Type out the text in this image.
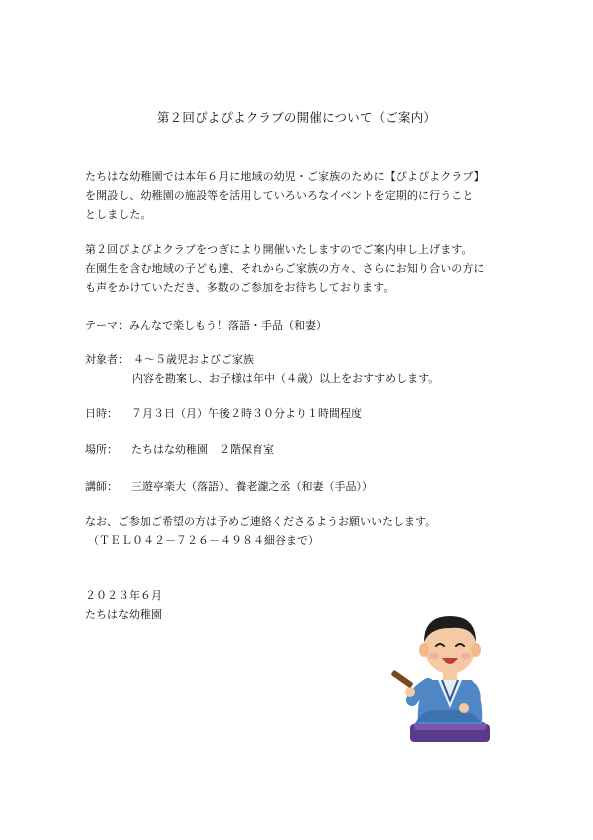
第２回ぴよぴよクラブの開催について（ご案内）
たちはな幼稚園では本年６月に地域の幼児・ご家族のために【ぴよぴよクラブ】
を開設し、幼稚園の施設等を活用していろいろなイベントを定期的に行うこと
としました。
第２回ぴよぴよクラブをつぎにより開催いたしますのでご案内申し上げます。
在園生を含む地域の子ども達、それからご家族の方々、さらにお知り合いの方に
も声をかけていただき、多数のご参加をお待ちしております。
テーマ：みんなで楽しもう！落語・手品（和妻）
対象者： ４～５歳児およびご家族
内容を勘案し、お子様は年中（４歳）以上をおすすめします。
日時： ７月３日（月）午後２時３０分より１時間程度
場所： たちはな幼稚園　２階保育室
講師： 三遊亭楽大（落語）、養老瀧之丞（和妻（手品））
なお、ご参加ご希望の方は予めご連絡くださるようお願いいたします。
（ＴＥＬ０４２－７２６－４９８４細谷まで）
２０２３年６月
たちはな幼稚園
